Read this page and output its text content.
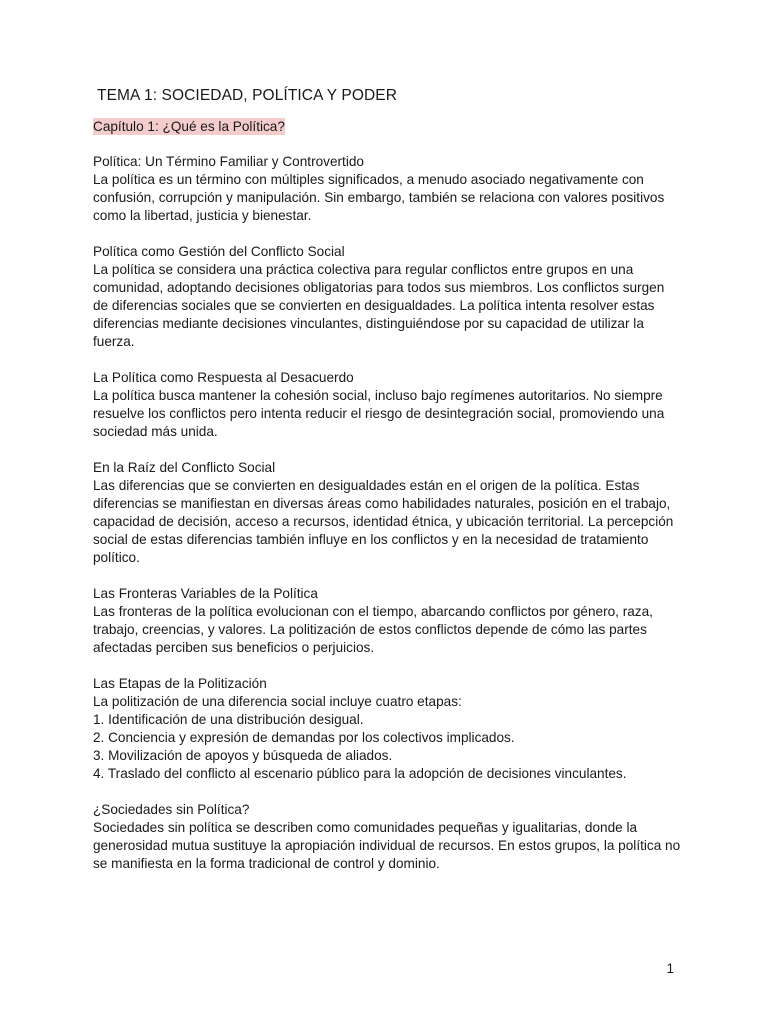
TEMA 1: SOCIEDAD, POLÍTICA Y PODER
Capítulo 1: ¿Qué es la Política?
Política: Un Término Familiar y Controvertido

La política es un término con múltiples significados, a menudo asociado negativamente con confusión, corrupción y manipulación. Sin embargo, también se relaciona con valores positivos como la libertad, justicia y bienestar.

Política como Gestión del Conflicto Social

La política se considera una práctica colectiva para regular conflictos entre grupos en una comunidad, adoptando decisiones obligatorias para todos sus miembros. Los conflictos surgen de diferencias sociales que se convierten en desigualdades. La política intenta resolver estas diferencias mediante decisiones vinculantes, distinguiéndose por su capacidad de utilizar la fuerza.

La Política como Respuesta al Desacuerdo

La política busca mantener la cohesión social, incluso bajo regímenes autoritarios. No siempre resuelve los conflictos pero intenta reducir el riesgo de desintegración social, promoviendo una sociedad más unida.

En la Raíz del Conflicto Social

Las diferencias que se convierten en desigualdades están en el origen de la política. Estas diferencias se manifiestan en diversas áreas como habilidades naturales, posición en el trabajo, capacidad de decisión, acceso a recursos, identidad étnica, y ubicación territorial. La percepción social de estas diferencias también influye en los conflictos y en la necesidad de tratamiento político.

Las Fronteras Variables de la Política

Las fronteras de la política evolucionan con el tiempo, abarcando conflictos por género, raza, trabajo, creencias, y valores. La politización de estos conflictos depende de cómo las partes afectadas perciben sus beneficios o perjuicios.

Las Etapas de la Politización

La politización de una diferencia social incluye cuatro etapas:

1. Identificación de una distribución desigual.
2. Conciencia y expresión de demandas por los colectivos implicados.
3. Movilización de apoyos y búsqueda de aliados.
4. Traslado del conflicto al escenario público para la adopción de decisiones vinculantes.
¿Sociedades sin Política?

Sociedades sin política se describen como comunidades pequeñas y igualitarias, donde la generosidad mutua sustituye la apropiación individual de recursos. En estos grupos, la política no se manifiesta en la forma tradicional de control y dominio.

1
